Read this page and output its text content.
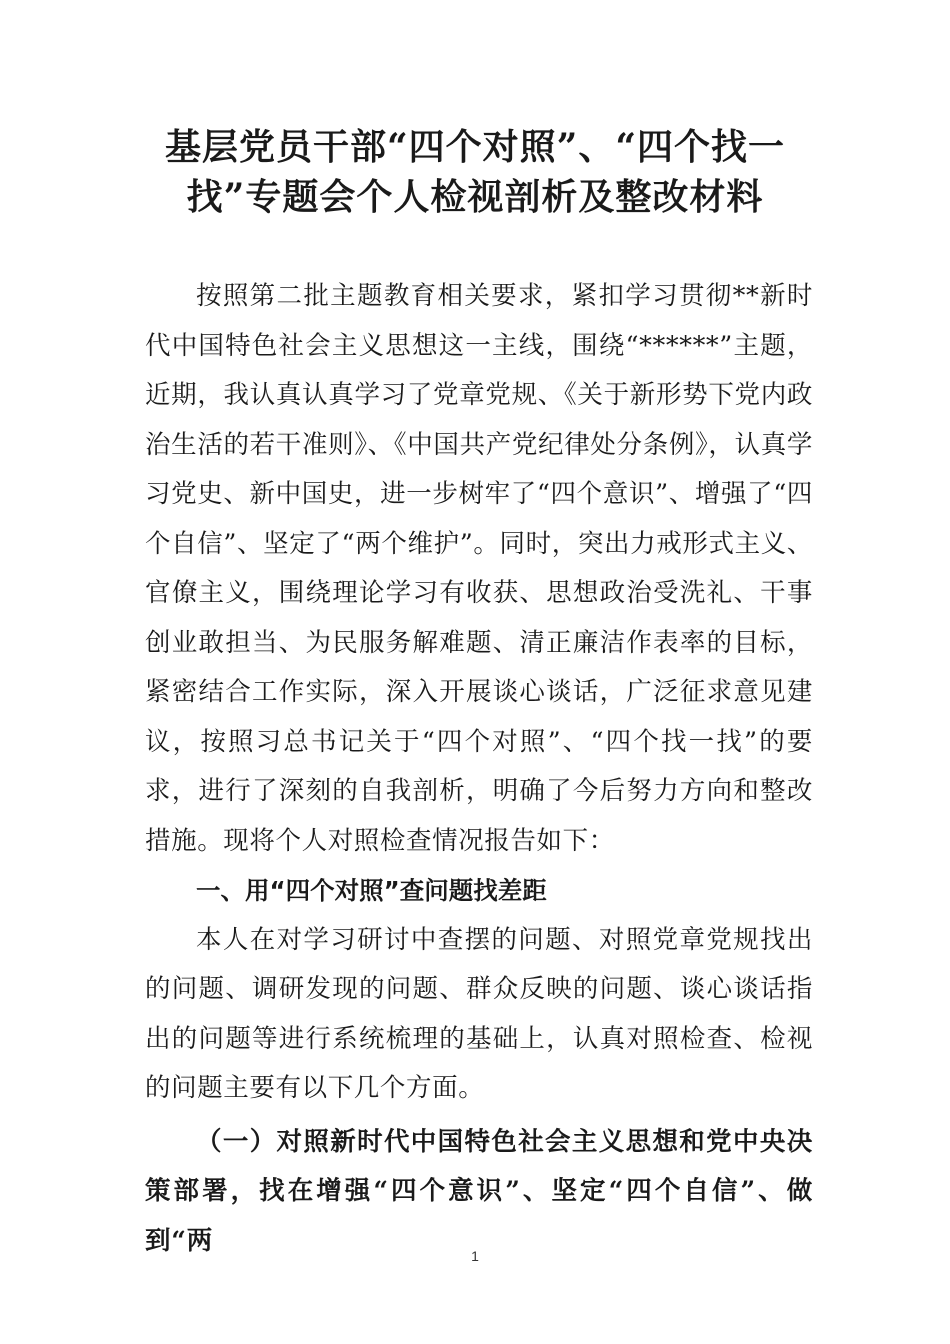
基层党员干部“四个对照”、“四个找一
找”专题会个人检视剖析及整改材料

按照第二批主题教育相关要求，紧扣学习贯彻**新时代中国特色社会主义思想这一主线，围绕“******”主题，近期，我认真认真学习了党章党规、《关于新形势下党内政治生活的若干准则》、《中国共产党纪律处分条例》，认真学习党史、新中国史，进一步树牢了“四个意识”、增强了“四个自信”、坚定了“两个维护”。同时，突出力戒形式主义、官僚主义，围绕理论学习有收获、思想政治受洗礼、干事创业敢担当、为民服务解难题、清正廉洁作表率的目标，紧密结合工作实际，深入开展谈心谈话，广泛征求意见建议，按照习总书记关于“四个对照”、“四个找一找”的要求，进行了深刻的自我剖析，明确了今后努力方向和整改措施。现将个人对照检查情况报告如下：

一、用“四个对照”查问题找差距

本人在对学习研讨中查摆的问题、对照党章党规找出的问题、调研发现的问题、群众反映的问题、谈心谈话指出的问题等进行系统梳理的基础上，认真对照检查、检视的问题主要有以下几个方面。

（一）对照新时代中国特色社会主义思想和党中央决策部署，找在增强“四个意识”、坚定“四个自信”、做到“两

1
